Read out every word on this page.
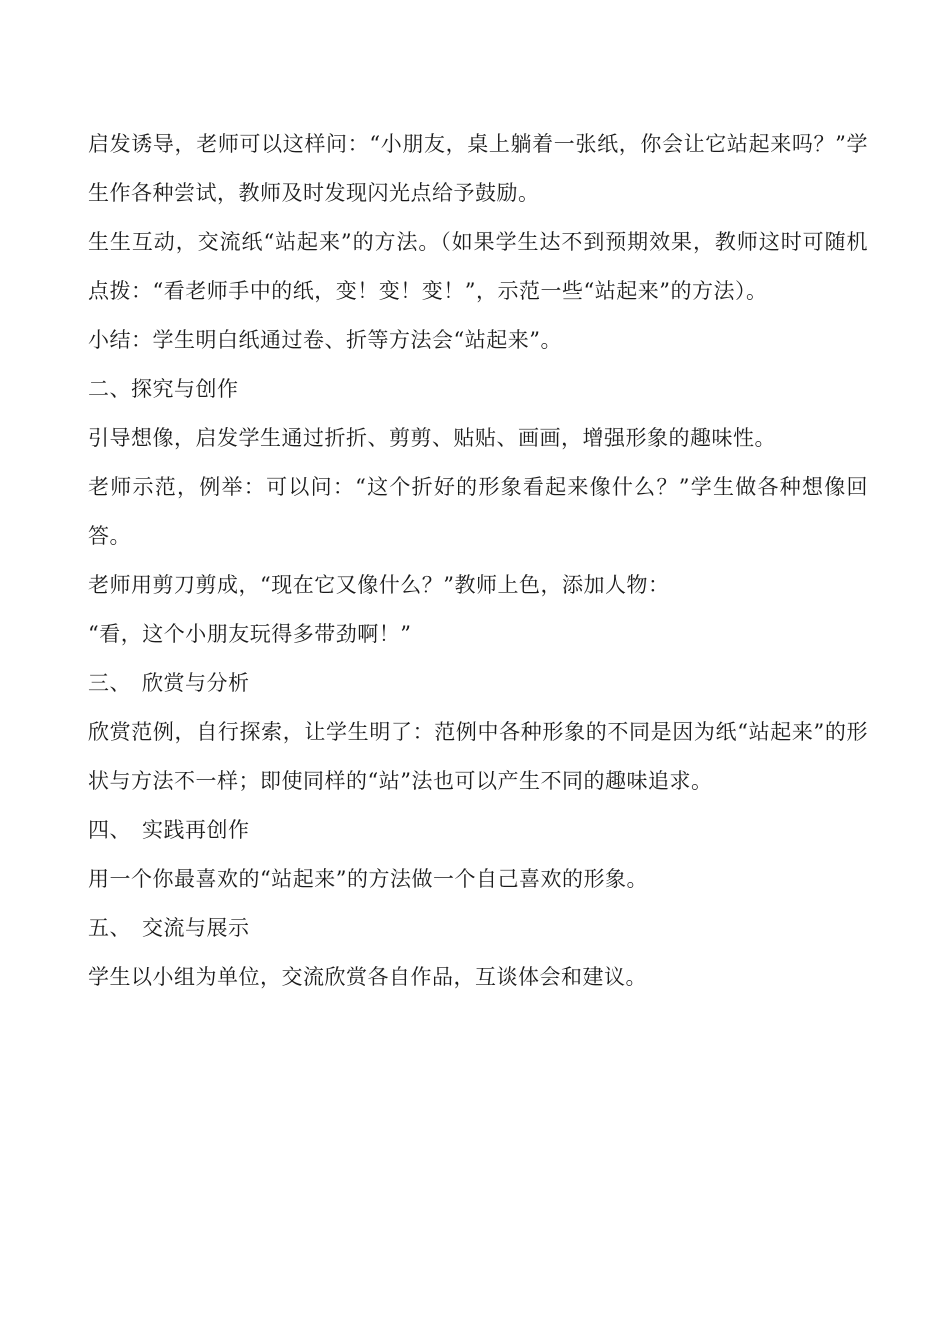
启发诱导，老师可以这样问：“小朋友，桌上躺着一张纸，你会让它站起来吗？”学生作各种尝试，教师及时发现闪光点给予鼓励。

生生互动，交流纸“站起来”的方法。（如果学生达不到预期效果，教师这时可随机点拨：“看老师手中的纸，变！变！变！”，示范一些“站起来”的方法）。

小结：学生明白纸通过卷、折等方法会“站起来”。

二、探究与创作

引导想像，启发学生通过折折、剪剪、贴贴、画画，增强形象的趣味性。

老师示范，例举：可以问：“这个折好的形象看起来像什么？”学生做各种想像回答。

老师用剪刀剪成，“现在它又像什么？”教师上色，添加人物：

“看，这个小朋友玩得多带劲啊！”

三、　欣赏与分析

欣赏范例，自行探索，让学生明了：范例中各种形象的不同是因为纸“站起来”的形状与方法不一样；即使同样的“站”法也可以产生不同的趣味追求。

四、　实践再创作

用一个你最喜欢的“站起来”的方法做一个自己喜欢的形象。

五、　交流与展示

学生以小组为单位，交流欣赏各自作品，互谈体会和建议。
